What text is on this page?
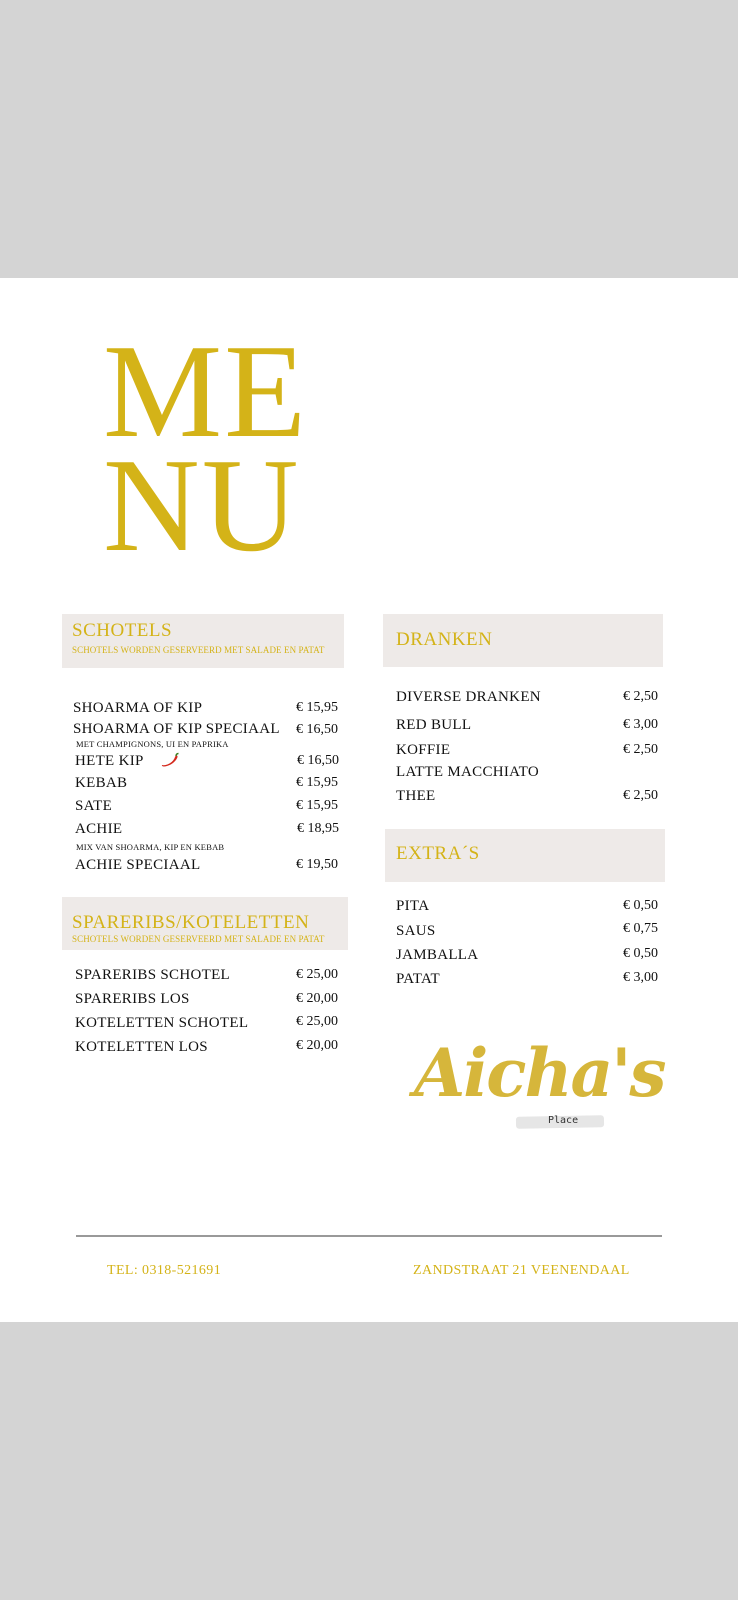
ME
NU
SCHOTELS
SCHOTELS WORDEN GESERVEERD MET SALADE EN PATAT
SHOARMA OF KIP	€ 15,95
SHOARMA OF KIP SPECIAAL € 16,50
MET CHAMPIGNONS, UI EN PAPRIKA
HETE KIP	€ 16,50
KEBAB	€ 15,95
SATE	€ 15,95
ACHIE	€ 18,95
MIX VAN SHOARMA, KIP EN KEBAB
ACHIE SPECIAAL	€ 19,50
SPARERIBS/KOTELETTEN
SCHOTELS WORDEN GESERVEERD MET SALADE EN PATAT
SPARERIBS SCHOTEL	€ 25,00
SPARERIBS LOS	€ 20,00
KOTELETTEN SCHOTEL	€ 25,00
KOTELETTEN LOS	€ 20,00
DRANKEN
DIVERSE DRANKEN	€ 2,50
RED BULL	€ 3,00
KOFFIE	€ 2,50
LATTE MACCHIATO
THEE	€ 2,50
EXTRA´S
PITA	€ 0,50
SAUS	€ 0,75
JAMBALLA	€ 0,50
PATAT	€ 3,00
Aicha's
Place
TEL: 0318-521691	ZANDSTRAAT 21 VEENENDAAL
